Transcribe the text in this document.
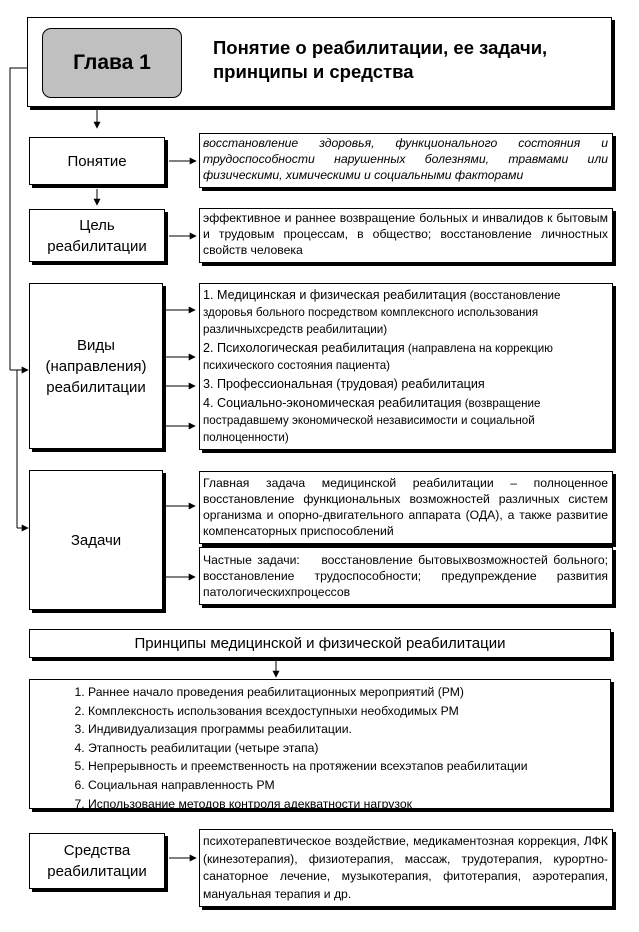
Глава 1
Понятие о реабилитации, ее задачи, принципы и средства
Понятие
восстановление здоровья, функционального состояния и трудоспособности нарушенных болезнями, травмами или физическими, химическими и социальными факторами
Цель
реабилитации
эффективное и раннее возвращение больных и инвалидов к бытовым и трудовым процессам, в общество; восстановление личностных свойств человека
Виды
(направления)
реабилитации
1. Медицинская и физическая реабилитация (восстановление здоровья больного посредством комплексного использования различныхсредств реабилитации)
2. Психологическая реабилитация (направлена на коррекцию психического состояния пациента)
3. Профессиональная (трудовая) реабилитация
4. Социально-экономическая реабилитация (возвращение пострадавшему экономической независимости и социальной полноценности)
Задачи
Главная задача медицинской реабилитации – полноценное восстановление функциональных возможностей различных систем организма и опорно-двигательного аппарата (ОДА), а также развитие компенсаторных приспособлений
Частные задачи:    восстановление бытовыхвозможностей больного; восстановление трудоспособности; предупреждение развития патологическихпроцессов
Принципы медицинской и физической реабилитации
1. Раннее начало проведения реабилитационных мероприятий (РМ)
2. Комплексность использования всехдоступныхи необходимых РМ
3. Индивидуализация программы реабилитации.
4. Этапность реабилитации (четыре этапа)
5. Непрерывность и преемственность на протяжении всехэтапов реабилитации
6. Социальная направленность РМ
7. Использование методов контроля адекватности нагрузок
Средства
реабилитации
психотерапевтическое воздействие, медикаментозная коррекция, ЛФК (кинезотерапия), физиотерапия, массаж, трудотерапия, курортно-санаторное лечение, музыкотерапия, фитотерапия, аэротерапия, мануальная терапия и др.
